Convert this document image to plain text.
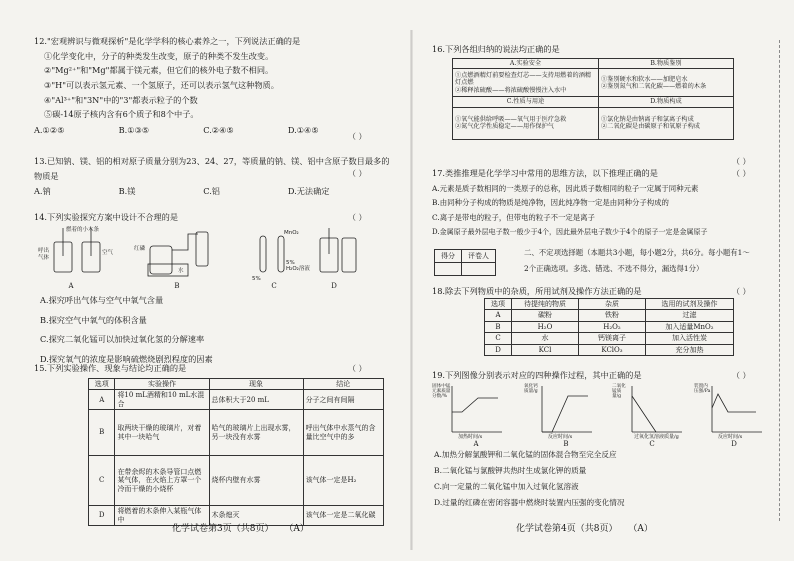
12."宏观辨识与微观探析"是化学学科的核心素养之一，下列说法正确的是
①化学变化中，分子的种类发生改变，原子的种类不发生改变。
②"Mg²⁺"和"Mg"都属于镁元素，但它们的核外电子数不相同。
③"H"可以表示氢元素、一个氢原子，还可以表示氢气这种物质。
④"Al³⁺"和"3N"中的"3"都表示粒子的个数
⑤碳-14原子核内含有6个质子和8个中子。
A.①②⑤	B.①③⑤	C.②④⑤	D.①④⑤
（ ）
13.已知钠、镁、铝的相对原子质量分别为23、24、27，等质量的钠、镁、铝中含原子数目最多的
物质是
A.钠	B.镁	C.铝	D.无法确定
（ ）
14.下列实验探究方案中设计不合理的是	（ ）
燃着的小木条
呼出
气体
空气
红磷
水
MnO₂
5%
5%
H₂O₂溶液
A	B	C	D
A.探究呼出气体与空气中氧气含量
B.探究空气中氧气的体积含量
C.探究二氧化锰可以加快过氧化氢的分解速率
D.探究氧气的浓度是影响硫燃烧剧烈程度的因素
15.下列实验操作、现象与结论均正确的是	（ ）
选项	实验操作	现象	结论
A	将10 mL酒精和10 mL水混合	总体积大于20 mL	分子之间有间隔
B	取两块干燥的玻璃片，对着其中一块哈气	哈气的玻璃片上出现水雾，另一块没有水雾	呼出气体中水蒸气的含量比空气中的多
C	在带余烬的木条导管口点燃某气体，在火焰上方罩一个冷而干燥的小烧杯	烧杯内壁有水雾	该气体一定是H₂
D	将燃着的木条伸入某瓶气体中	木条熄灭	该气体一定是二氧化碳
化学试卷第3页（共8页） （A）
16.下列各组归纳的说法均正确的是
A.实验安全	B.物质鉴别
①点燃酒精灯前要检查灯芯——支持用燃着的酒精灯点燃
②稀释浓硫酸——将浓硫酸慢慢注入水中	①鉴别硬水和软水——加肥皂水
②鉴别氮气和二氧化碳——燃着的木条
C.性质与用途	D.物质构成
①氧气能供给呼吸——氧气用于医疗急救
②氮气化学性质稳定——用作保护气	①氯化钠是由钠离子和氯离子构成
②二氧化碳是由碳原子和氧原子构成
（ ）
17.类推推理是化学学习中常用的思维方法，以下推理正确的是
A.元素是质子数相同的一类原子的总称，因此质子数相同的粒子一定属于同种元素
B.由同种分子构成的物质是纯净物，因此纯净物一定是由同种分子构成的
C.离子是带电的粒子，但带电的粒子不一定是离子
D.金属原子最外层电子数一般少于4个，因此最外层电子数少于4个的原子一定是金属原子
（ ）
得分	评卷人
		二、不定项选择题（本题共3小题，每小题2分，共6分。每小题有1～
2个正确选项。多选、错选、不选不得分，漏选得1分）
18.除去下列物质中的杂质，所用试剂及操作方法正确的是	（ ）
选项	待提纯的物质	杂质	选用的试剂及操作
A	碳粉	铁粉	过滤
B	H₂O	H₂O₂	加入适量MnO₂
C	水	钙镁离子	加入活性炭
D	KCl	KClO₃	充分加热
19.下列图像分别表示对应的四种操作过程，其中正确的是	（ ）
固体中锰元素质量分数/%
氧化钙质量/g
二氧化锰质量/g
装置内压强/Pa
加热时间/s	反应时间/s	过氧化氢溶液质量/g	反应时间/s
A	B	C	D
A.加热分解氯酸钾和二氧化锰的固体混合物至完全反应
B.二氧化锰与氯酸钾共热时生成氯化钾的质量
C.向一定量的二氧化锰中加入过氧化氢溶液
D.过量的红磷在密闭容器中燃烧时装置内压强的变化情况
化学试卷第4页（共8页） （A）
